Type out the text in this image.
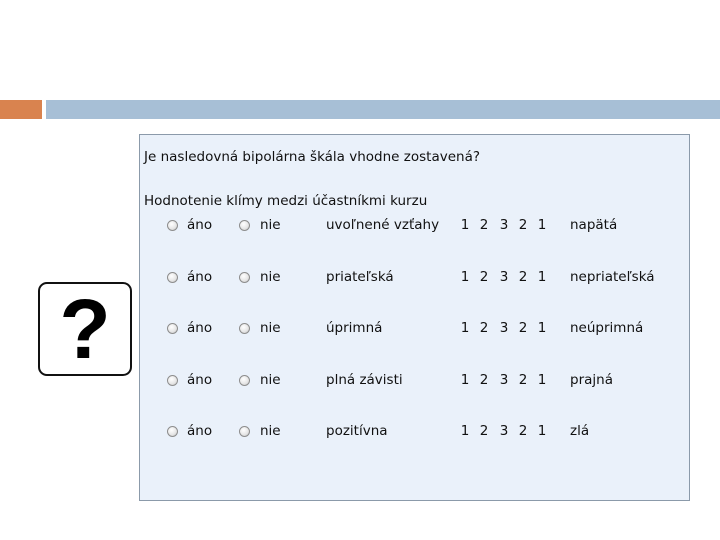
?
Je nasledovná bipolárna škála vhodne zostavená?
Hodnotenie klímy medzi účastníkmi kurzu
áno	nie	uvoľnené vzťahy 1 2 3 2 1 napätá
áno	nie	priateľská	1 2 3 2 1 nepriateľská
áno	nie	úprimná	1 2 3 2 1 neúprimná
áno	nie	plná závisti	1 2 3 2 1 prajná
áno	nie	pozitívna	1 2 3 2 1 zlá
